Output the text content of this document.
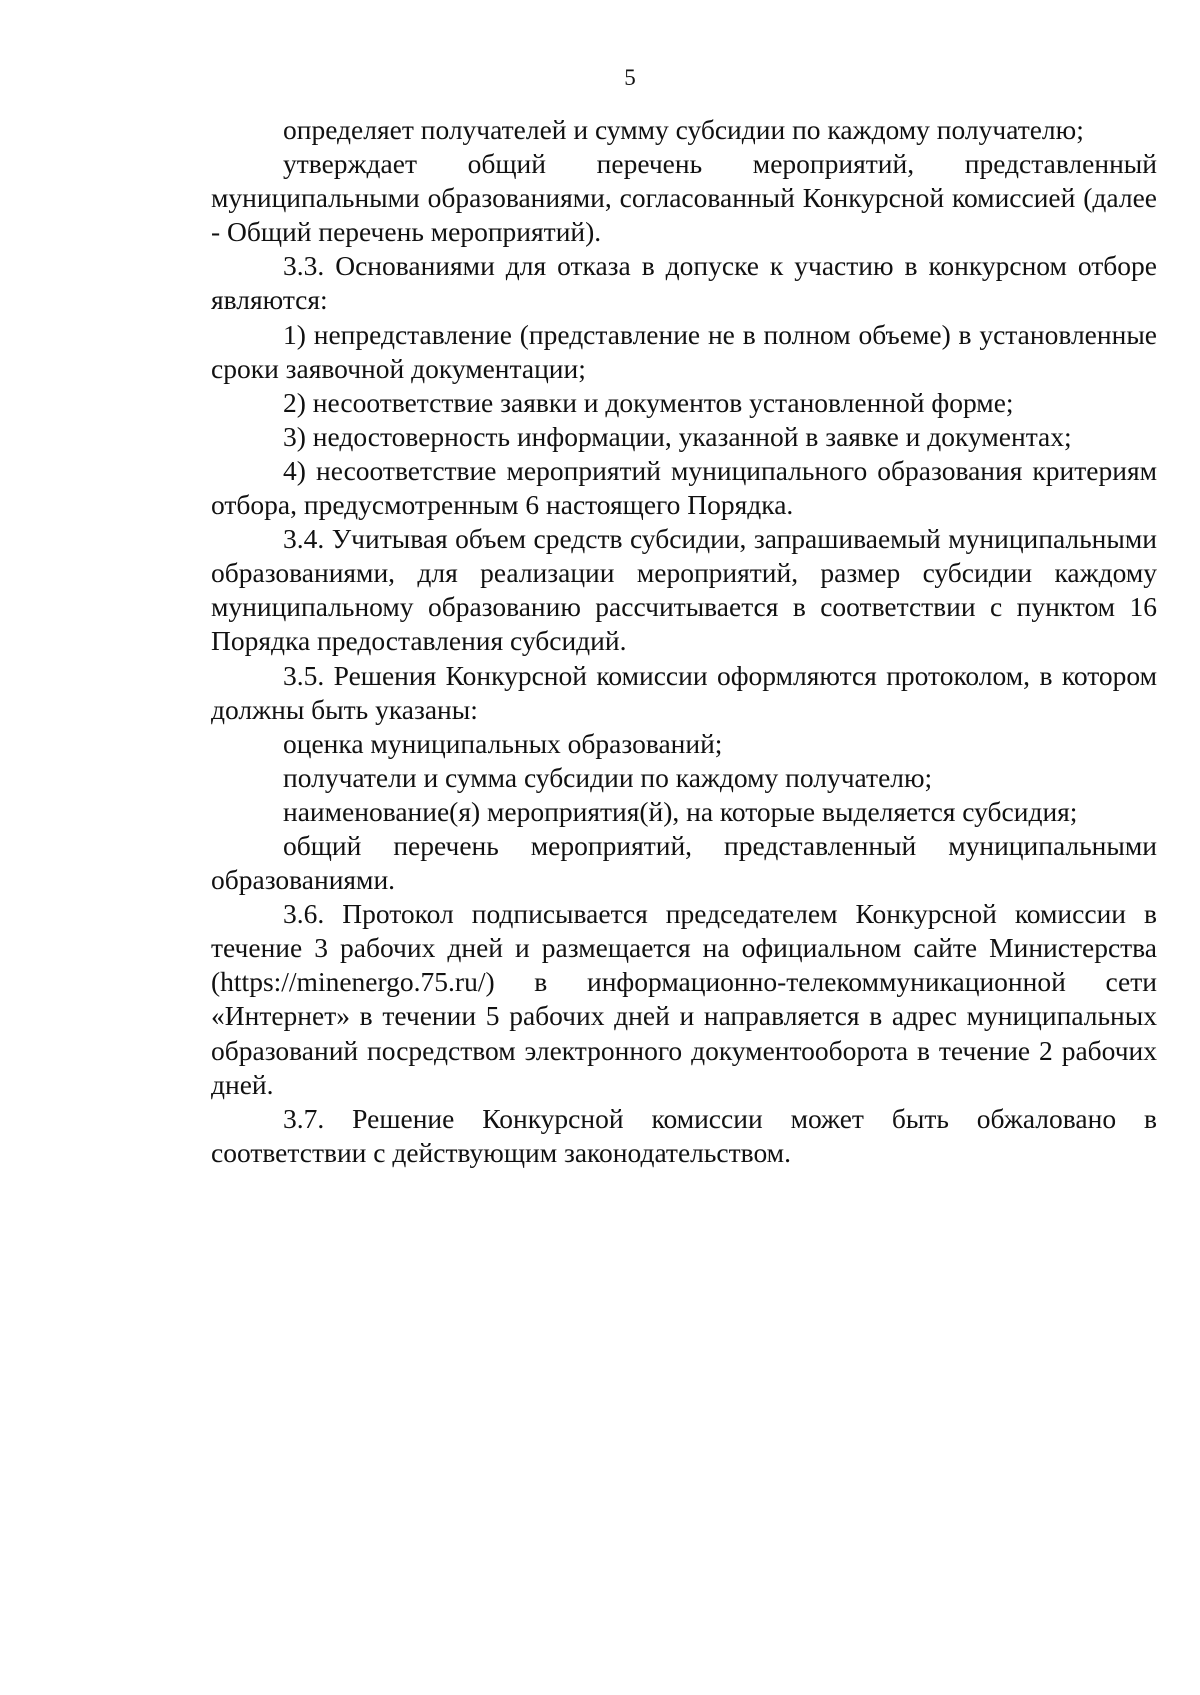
5

определяет получателей и сумму субсидии по каждому получателю;

утверждает общий перечень мероприятий, представленный муниципальными образованиями, согласованный Конкурсной комиссией (далее - Общий перечень мероприятий).

3.3. Основаниями для отказа в допуске к участию в конкурсном отборе являются:

1) непредставление (представление не в полном объеме) в установленные сроки заявочной документации;

2) несоответствие заявки и документов установленной форме;

3) недостоверность информации, указанной в заявке и документах;

4) несоответствие мероприятий муниципального образования критериям отбора, предусмотренным 6 настоящего Порядка.

3.4. Учитывая объем средств субсидии, запрашиваемый муниципальными образованиями, для реализации мероприятий, размер субсидии каждому муниципальному образованию рассчитывается в соответствии с пунктом 16 Порядка предоставления субсидий.

3.5. Решения Конкурсной комиссии оформляются протоколом, в котором должны быть указаны:

оценка муниципальных образований;

получатели и сумма субсидии по каждому получателю;

наименование(я) мероприятия(й), на которые выделяется субсидия;

общий перечень мероприятий, представленный муниципальными образованиями.

3.6. Протокол подписывается председателем Конкурсной комиссии в течение 3 рабочих дней и размещается на официальном сайте Министерства (https://minenergo.75.ru/) в информационно-телекоммуникационной сети «Интернет» в течении 5 рабочих дней и направляется в адрес муниципальных образований посредством электронного документооборота в течение 2 рабочих дней.

3.7. Решение Конкурсной комиссии может быть обжаловано в соответствии с действующим законодательством.
